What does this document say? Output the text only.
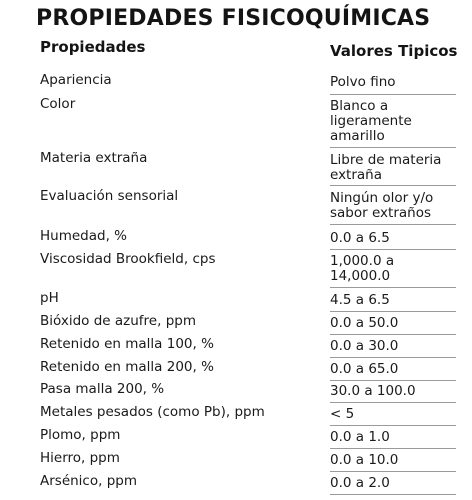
PROPIEDADES FISICOQUÍMICAS
Propiedades	Valores Tipicos
Apariencia	Polvo fino
Color	Blanco a
ligeramente
amarillo
Materia extraña	Libre de materia
extraña
Evaluación sensorial	Ningún olor y/o
sabor extraños
Humedad, %	0.0 a 6.5
Viscosidad Brookfield, cps	1,000.0 a
14,000.0
pH	4.5 a 6.5
Bióxido de azufre, ppm	0.0 a 50.0
Retenido en malla 100, %	0.0 a 30.0
Retenido en malla 200, %	0.0 a 65.0
Pasa malla 200, %	30.0 a 100.0
Metales pesados (como Pb), ppm	< 5
Plomo, ppm	0.0 a 1.0
Hierro, ppm	0.0 a 10.0
Arsénico, ppm	0.0 a 2.0
